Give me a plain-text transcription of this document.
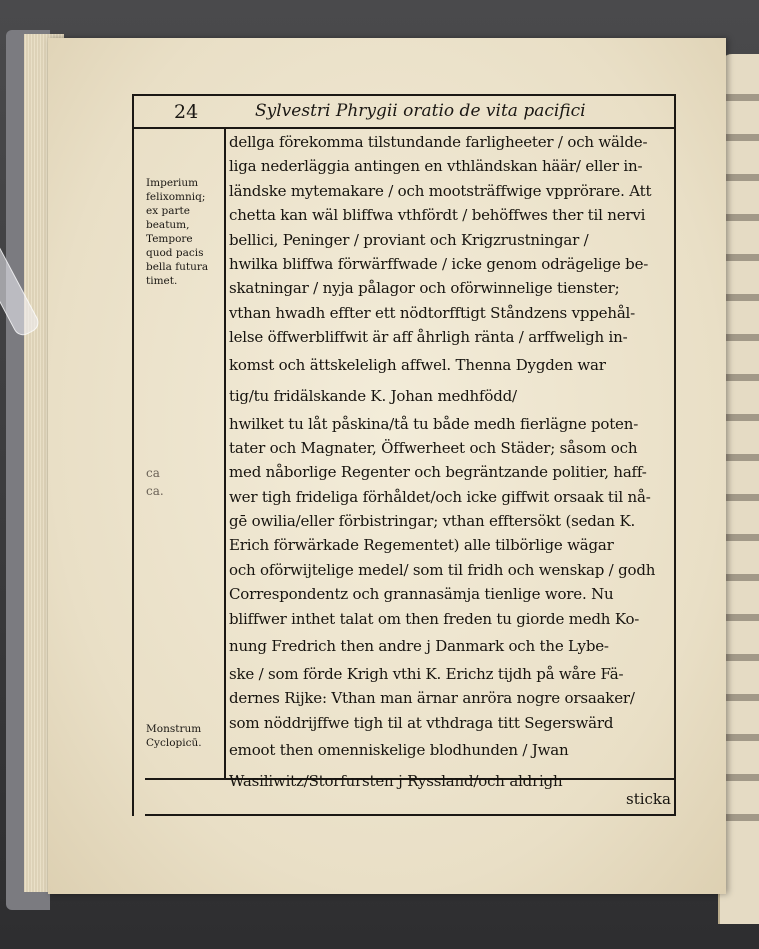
24	Sylvestri Phrygii oratio de vita pacifici
Imperium
felixomniq;
ex parte
beatum,
Tempore
quod pacis
bella futura
timet.
Monstrum
Cyclopicū.
ca
ca.
dellga förekomma tilstundande farligheeter / och wälde-
liga nederläggia antingen en vthländskan häär/ eller in-
ländske mytemakare / och mootsträffwige vpprörare. Att
chetta kan wäl bliffwa vthfördt / behöffwes ther til nervi
bellici, Peninger / proviant och Krigzrustningar /
hwilka bliffwa förwärffwade / icke genom odrägelige be-
skatningar / nyja pålagor och oförwinnelige tienster;
vthan hwadh effter ett nödtorfftigt Ståndzens vppehål-
lelse öffwerbliffwit är aff åhrligh ränta / arffweligh in-
komst och ättskeleligh affwel. Thenna Dygden war
tig/tu fridälskande K. Johan medhfödd/
hwilket tu låt påskina/tå tu både medh fierlägne poten-
tater och Magnater, Öffwerheet och Städer; såsom och
med nåborlige Regenter och begräntzande politier, haff-
wer tigh frideliga förhåldet/och icke giffwit orsaak til nå-
gē owilia/eller förbistringar; vthan efftersökt (sedan K.
Erich förwärkade Regementet) alle tilbörlige wägar
och oförwijtelige medel/ som til fridh och wenskap / godh
Correspondentz och grannasämja tienlige wore. Nu
bliffwer inthet talat om then freden tu giorde medh Ko-
nung Fredrich then andre j Danmark och the Lybe-
ske / som förde Krigh vthi K. Erichz tijdh på wåre Fä-
dernes Rijke: Vthan man ärnar anröra nogre orsaaker/
som nöddrijffwe tigh til at vthdraga titt Segerswärd
emoot then omenniskelige blodhunden / Jwan
Wasiliwitz/Storfursten j Ryssland/och aldrigh
sticka
